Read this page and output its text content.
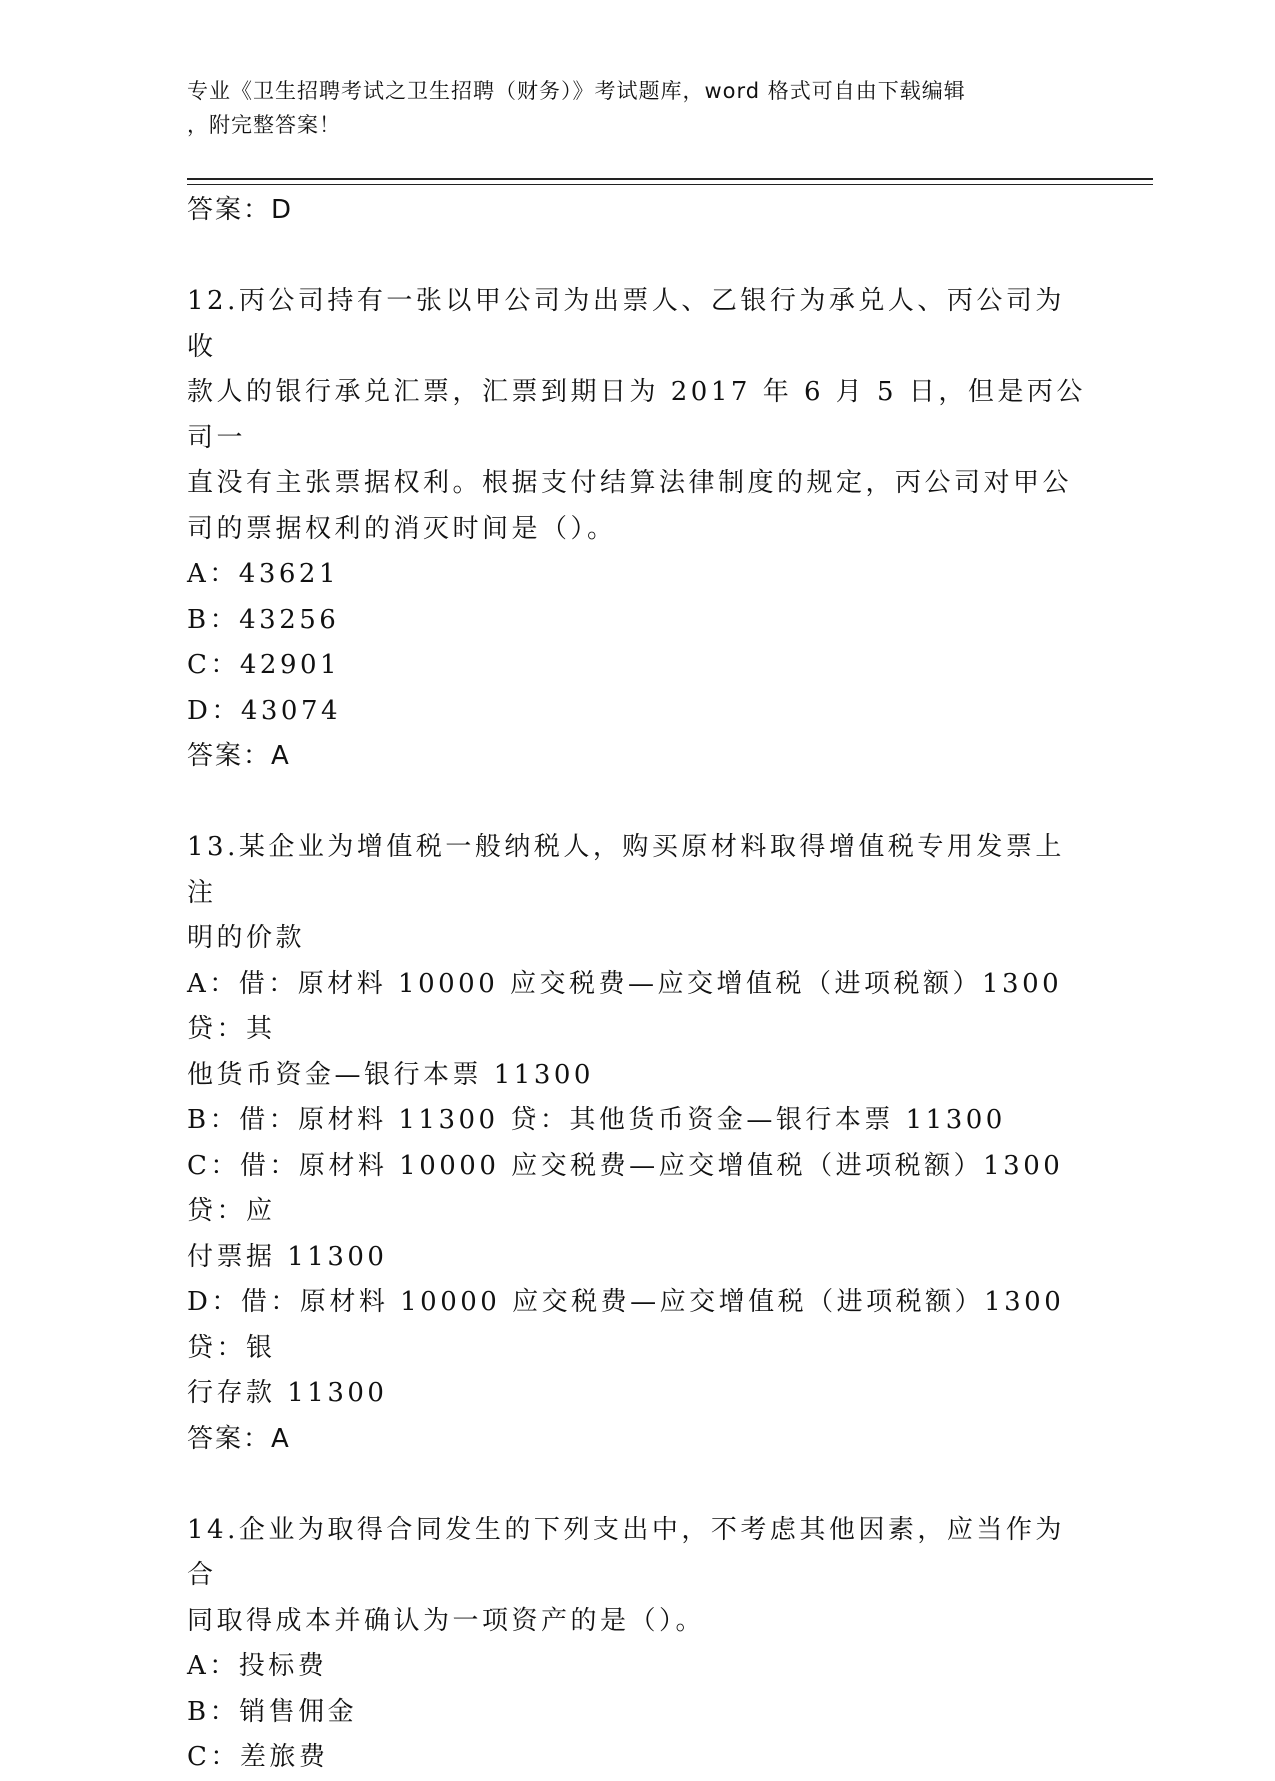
专业《卫生招聘考试之卫生招聘（财务）》考试题库，word 格式可自由下载编辑
，附完整答案！
答案：D
12.丙公司持有一张以甲公司为出票人、乙银行为承兑人、丙公司为收
款人的银行承兑汇票，汇票到期日为 2017 年 6 月 5 日，但是丙公司一
直没有主张票据权利。根据支付结算法律制度的规定，丙公司对甲公
司的票据权利的消灭时间是（）。
A：43621
B：43256
C：42901
D：43074
答案：A
13.某企业为增值税一般纳税人，购买原材料取得增值税专用发票上注
明的价款
A：借：原材料 10000 应交税费—应交增值税（进项税额）1300 贷：其
他货币资金—银行本票 11300
B：借：原材料 11300 贷：其他货币资金—银行本票 11300
C：借：原材料 10000 应交税费—应交增值税（进项税额）1300 贷：应
付票据 11300
D：借：原材料 10000 应交税费—应交增值税（进项税额）1300 贷：银
行存款 11300
答案：A
14.企业为取得合同发生的下列支出中，不考虑其他因素，应当作为合
同取得成本并确认为一项资产的是（）。
A：投标费
B：销售佣金
C：差旅费
